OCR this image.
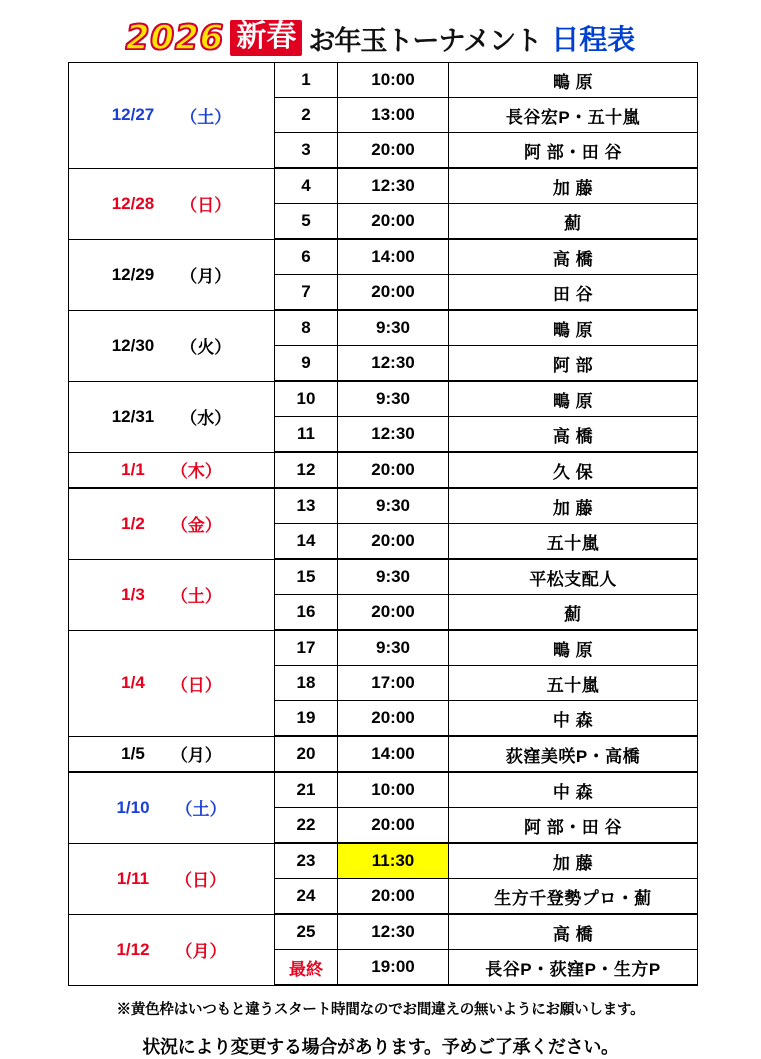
2026 新春 お年玉トーナメント 日程表
12/27 （土）	1	10:00	鴫 原
	2	13:00	長谷宏P・五十嵐
	3	20:00	阿 部・田 谷

12/28 （日）	4	12:30	加 藤
	5	20:00	薊

12/29 （月）	6	14:00	高 橋
	7	20:00	田 谷

12/30 （火）	8	9:30	鴫 原
	9	12:30	阿 部

12/31 （水）	10	9:30	鴫 原
	11	12:30	高 橋

1/1 （木）	12	20:00	久 保

1/2 （金）	13	9:30	加 藤
	14	20:00	五十嵐

1/3 （土）	15	9:30	平松支配人
	16	20:00	薊

1/4 （日）	17	9:30	鴫 原
	18	17:00	五十嵐
	19	20:00	中 森

1/5 （月）	20	14:00	荻窪美咲P・高橋

1/10 （土）	21	10:00	中 森
	22	20:00	阿 部・田 谷

1/11 （日）	23	11:30	加 藤
	24	20:00	生方千登勢プロ・薊

1/12 （月）	25	12:30	高 橋
	最終	19:00	長谷P・荻窪P・生方P
※黄色枠はいつもと違うスタート時間なのでお間違えの無いようにお願いします。
状況により変更する場合があります。予めご了承ください。
